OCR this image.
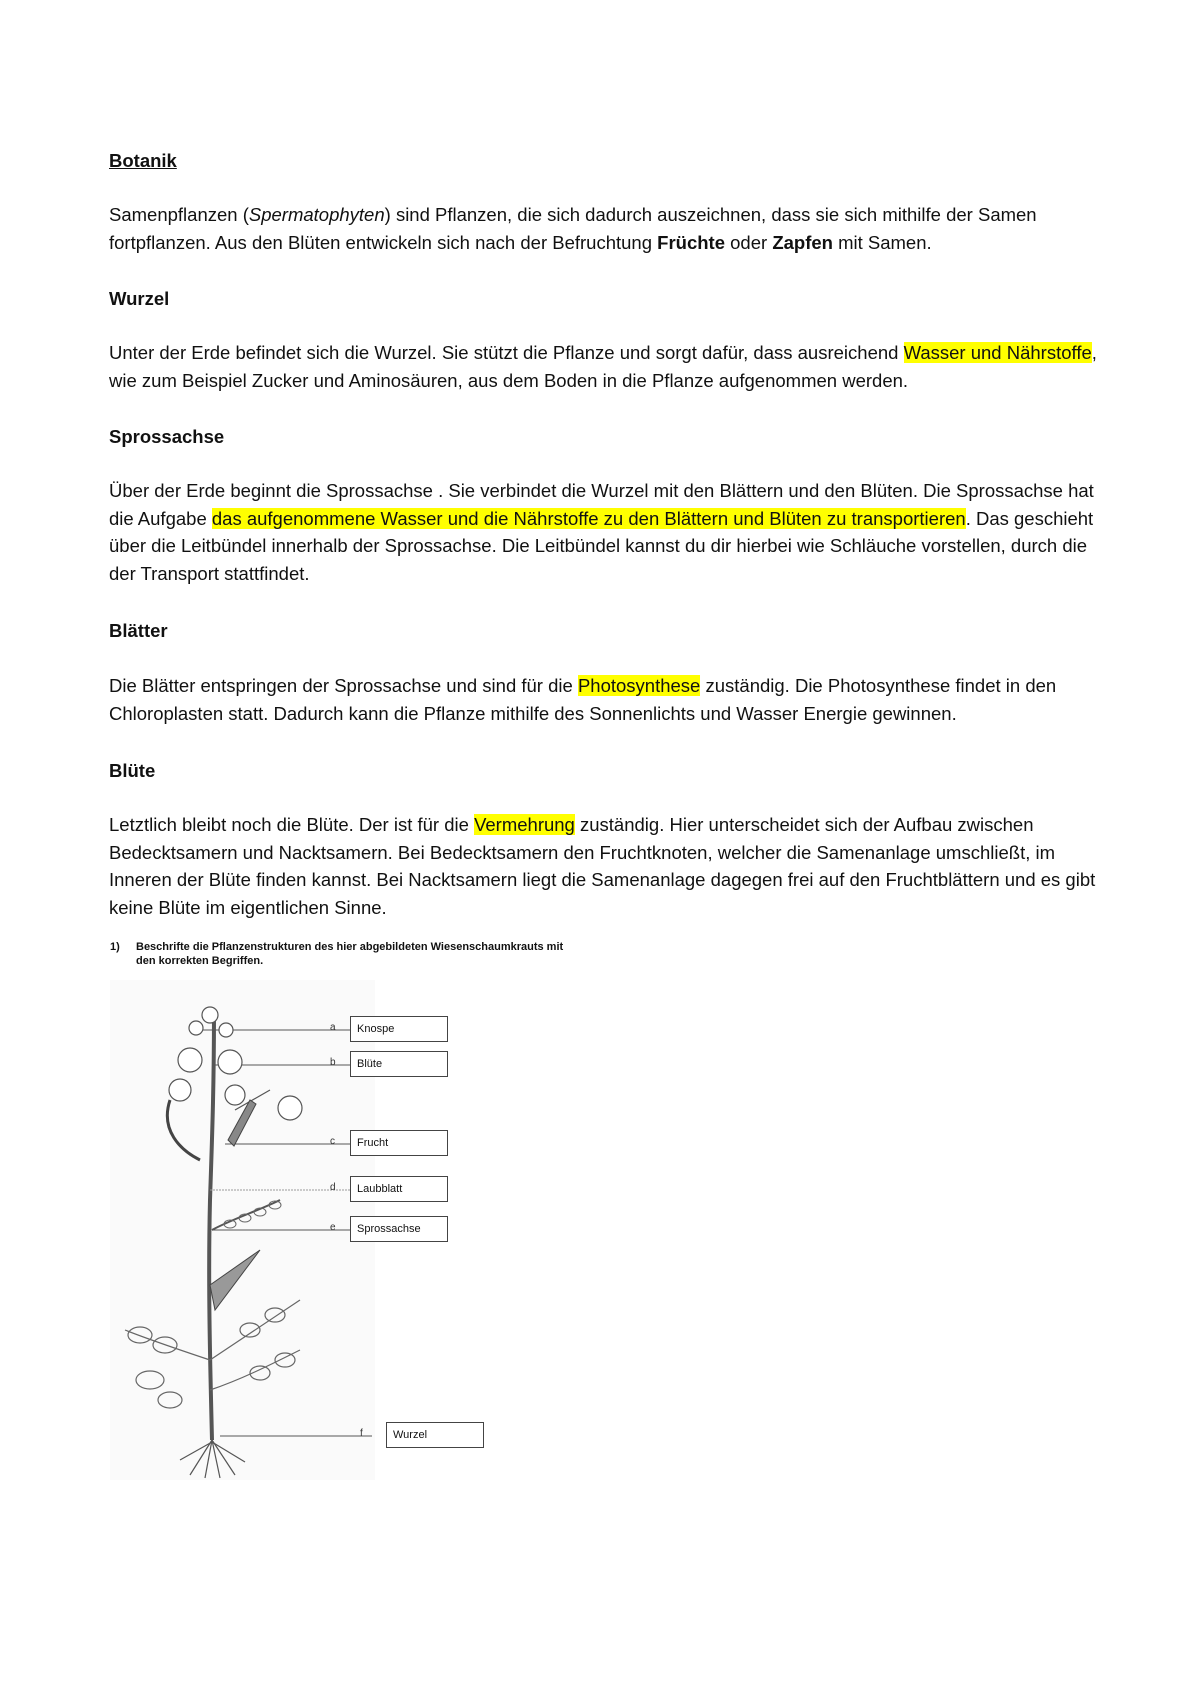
Botanik

Samenpflanzen (Spermatophyten) sind Pflanzen, die sich dadurch auszeichnen, dass sie sich mithilfe der Samen fortpflanzen. Aus den Blüten entwickeln sich nach der Befruchtung Früchte oder Zapfen mit Samen.

Wurzel

Unter der Erde befindet sich die Wurzel. Sie stützt die Pflanze und sorgt dafür, dass ausreichend Wasser und Nährstoffe, wie zum Beispiel Zucker und Aminosäuren, aus dem Boden in die Pflanze aufgenommen werden.

Sprossachse

Über der Erde beginnt die Sprossachse . Sie verbindet die Wurzel mit den Blättern und den Blüten. Die Sprossachse hat die Aufgabe das aufgenommene Wasser und die Nährstoffe zu den Blättern und Blüten zu transportieren. Das geschieht über die Leitbündel innerhalb der Sprossachse. Die Leitbündel kannst du dir hierbei wie Schläuche vorstellen, durch die der Transport stattfindet.

Blätter

Die Blätter entspringen der Sprossachse und sind für die Photosynthese zuständig. Die Photosynthese findet in den Chloroplasten statt. Dadurch kann die Pflanze mithilfe des Sonnenlichts und Wasser Energie gewinnen.

Blüte

Letztlich bleibt noch die Blüte. Der ist für die Vermehrung zuständig. Hier unterscheidet sich der Aufbau zwischen Bedecktsamern und Nacktsamern. Bei Bedecktsamern den Fruchtknoten, welcher die Samenanlage umschließt, im Inneren der Blüte finden kannst. Bei Nacktsamern liegt die Samenanlage dagegen frei auf den Fruchtblättern und es gibt keine Blüte im eigentlichen Sinne.

1) Beschrifte die Pflanzenstrukturen des hier abgebildeten Wiesenschaumkrauts mit
den korrekten Begriffen.
a	Knospe
b	Blüte
c	Frucht
d	Laubblatt
e	Sprossachse
f	Wurzel
